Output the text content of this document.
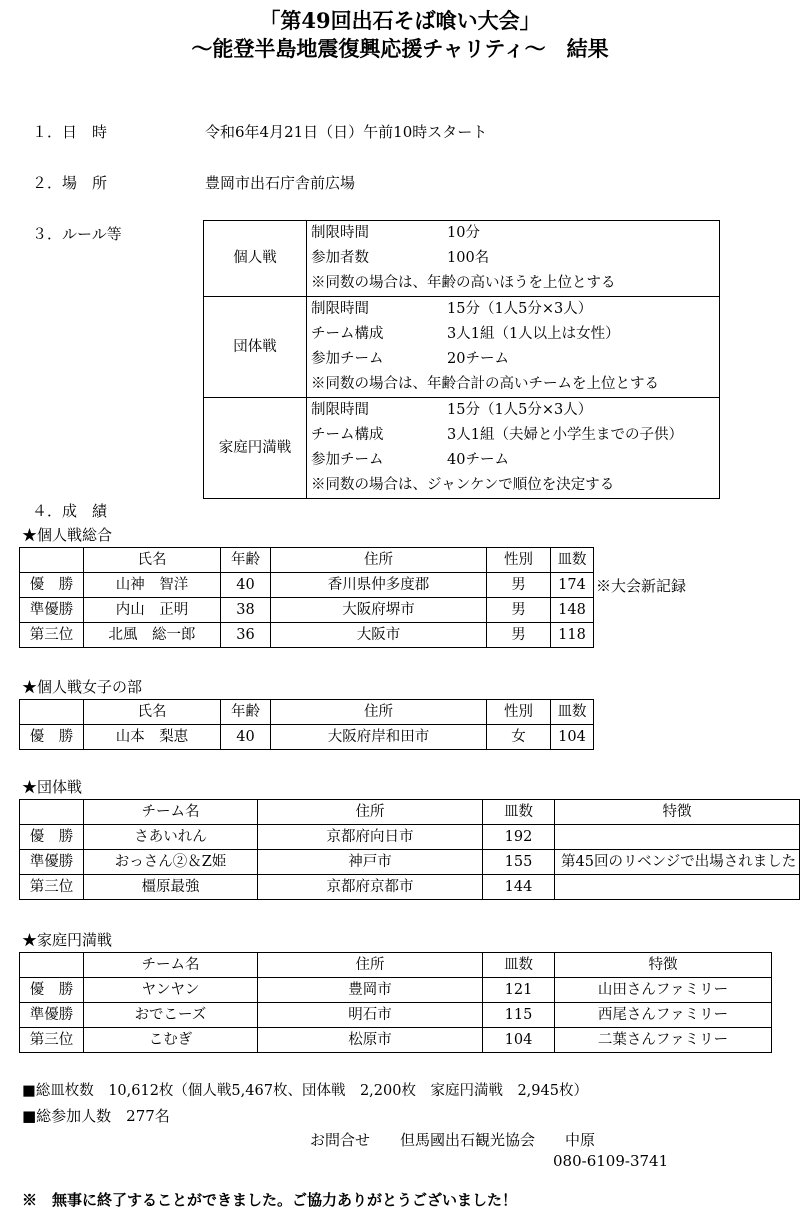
「第49回出石そば喰い大会」
〜能登半島地震復興応援チャリティ〜　結果
１．日　時	令和6年4月21日（日）午前10時スタート
２．場　所	豊岡市出石庁舎前広場
３．ルール等
個人戦	制限時間 10分
	参加者数 100名
	※同数の場合は、年齢の高いほうを上位とする
団体戦	制限時間 15分（1人5分×3人）
	チーム構成 3人1組（1人以上は女性）
	参加チーム 20チーム
	※同数の場合は、年齢合計の高いチームを上位とする
家庭円満戦	制限時間 15分（1人5分×3人）
	チーム構成 3人1組（夫婦と小学生までの子供）
	参加チーム 40チーム
	※同数の場合は、ジャンケンで順位を決定する
４．成　績
★個人戦総合
	氏名	年齢	住所	性別	皿数
優　勝	山神　智洋	40	香川県仲多度郡	男	174
準優勝	内山　正明	38	大阪府堺市	男	148
第三位	北風　総一郎	36	大阪市	男	118
※大会新記録
★個人戦女子の部
	氏名	年齢	住所	性別	皿数
優　勝	山本　梨恵	40	大阪府岸和田市	女	104
★団体戦
	チーム名	住所	皿数	特徴
優　勝	さあいれん	京都府向日市	192	
準優勝	おっさん②＆Z姫	神戸市	155	第45回のリベンジで出場されました
第三位	橿原最強	京都府京都市	144	
★家庭円満戦
	チーム名	住所	皿数	特徴
優　勝	ヤンヤン	豊岡市	121	山田さんファミリー
準優勝	おでこーズ	明石市	115	西尾さんファミリー
第三位	こむぎ	松原市	104	二葉さんファミリー
■総皿枚数　10,612枚（個人戦5,467枚、団体戦　2,200枚　家庭円満戦　2,945枚）
■総参加人数　277名
お問合せ　　但馬國出石観光協会　　中原
080-6109-3741
※　無事に終了することができました。ご協力ありがとうございました！
